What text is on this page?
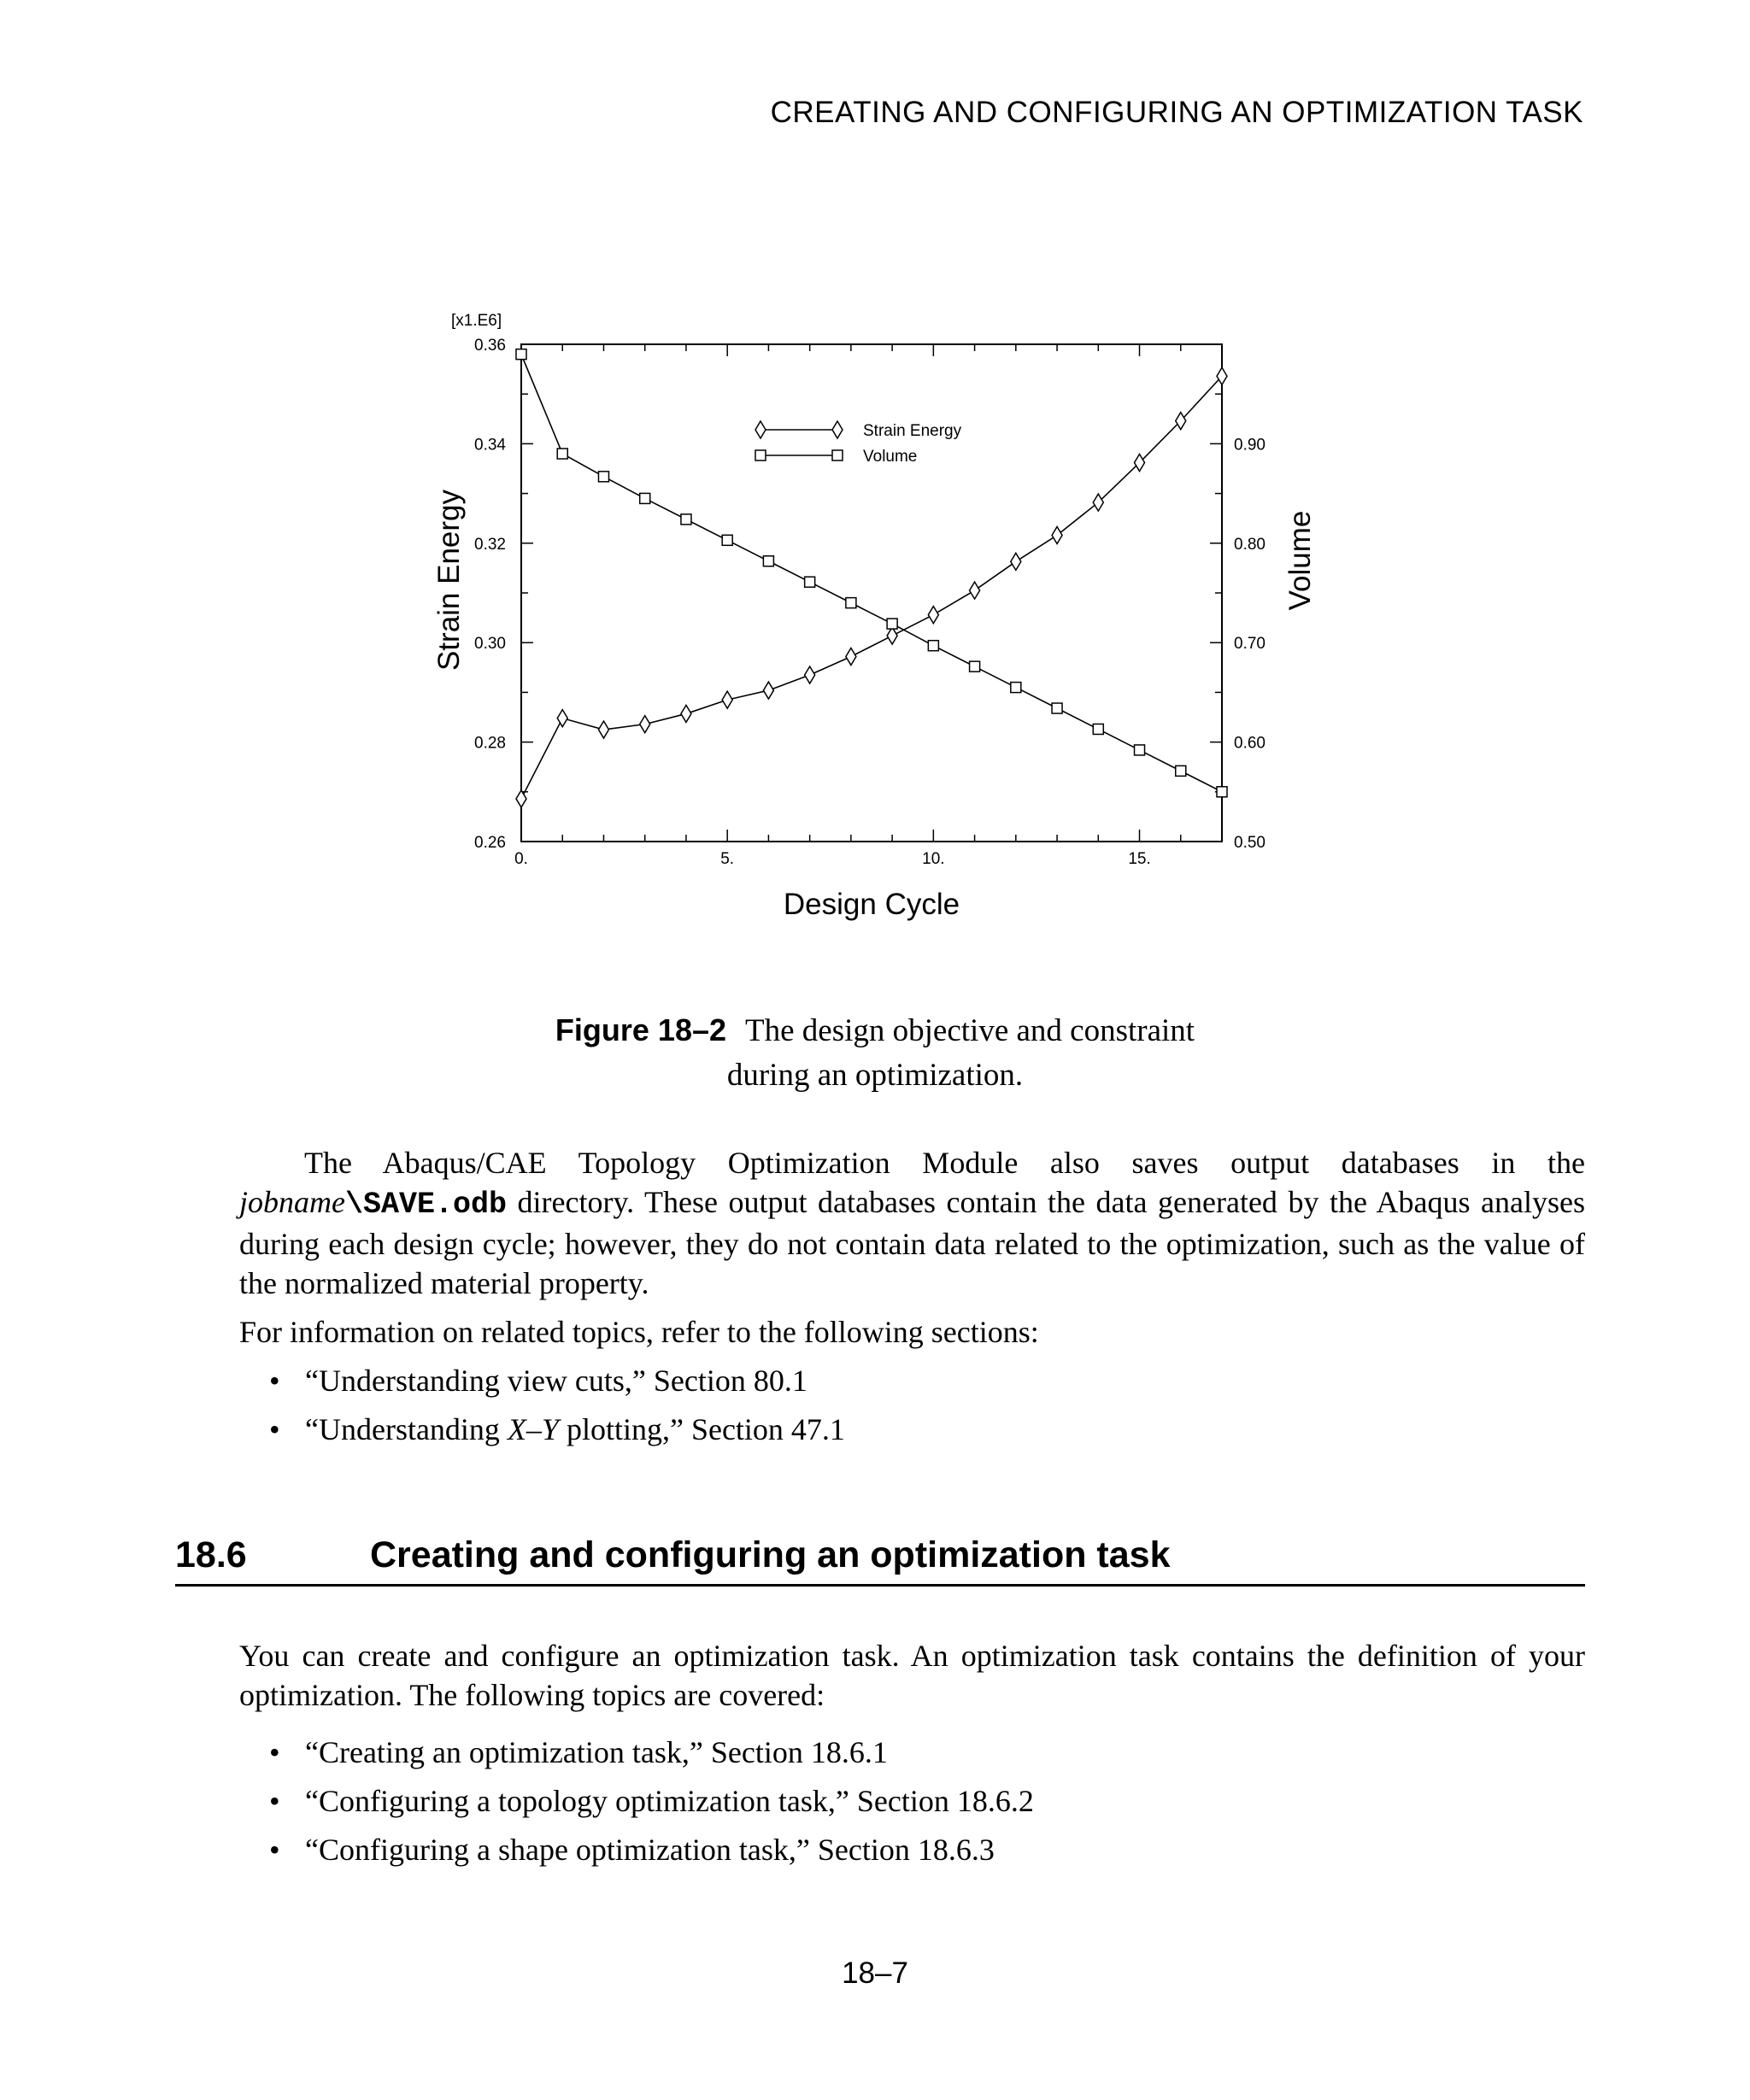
CREATING AND CONFIGURING AN OPTIMIZATION TASK
0.	5.	10.	15.
0.26
0.28
0.30
0.32
0.34
0.36
[x1.E6]
0.50
0.60
0.70
0.80
0.90
Design Cycle
Strain Energy	Volume
Strain Energy
Volume
Figure 18–2 The design objective and constraint
during an optimization.
The Abaqus/CAE Topology Optimization Module also saves output databases in the jobname\SAVE.odb directory. These output databases contain the data generated by the Abaqus analyses during each design cycle; however, they do not contain data related to the optimization, such as the value of the normalized material property.
For information on related topics, refer to the following sections:
• “Understanding view cuts,” Section 80.1
• “Understanding X–Y plotting,” Section 47.1
18.6	Creating and configuring an optimization task
You can create and configure an optimization task. An optimization task contains the definition of your optimization. The following topics are covered:
• “Creating an optimization task,” Section 18.6.1
• “Configuring a topology optimization task,” Section 18.6.2
• “Configuring a shape optimization task,” Section 18.6.3
18–7
